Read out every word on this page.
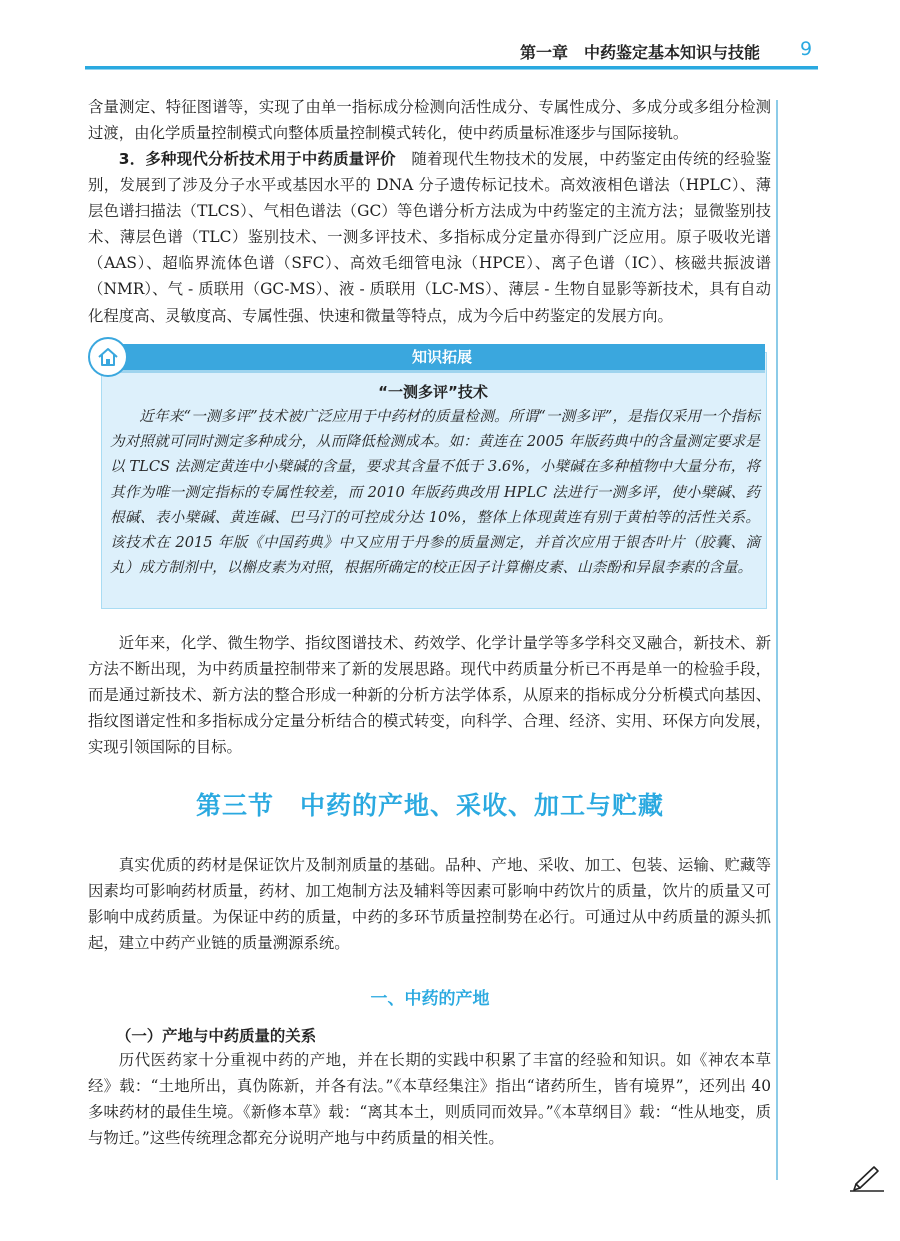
第一章　中药鉴定基本知识与技能	9

含量测定、特征图谱等，实现了由单一指标成分检测向活性成分、专属性成分、多成分或多组分检测过渡，由化学质量控制模式向整体质量控制模式转化，使中药质量标准逐步与国际接轨。

3．多种现代分析技术用于中药质量评价　随着现代生物技术的发展，中药鉴定由传统的经验鉴别，发展到了涉及分子水平或基因水平的 DNA 分子遗传标记技术。高效液相色谱法（HPLC）、薄层色谱扫描法（TLCS）、气相色谱法（GC）等色谱分析方法成为中药鉴定的主流方法；显微鉴别技术、薄层色谱（TLC）鉴别技术、一测多评技术、多指标成分定量亦得到广泛应用。原子吸收光谱（AAS）、超临界流体色谱（SFC）、高效毛细管电泳（HPCE）、离子色谱（IC）、核磁共振波谱（NMR）、气 - 质联用（GC-MS）、液 - 质联用（LC-MS）、薄层 - 生物自显影等新技术，具有自动化程度高、灵敏度高、专属性强、快速和微量等特点，成为今后中药鉴定的发展方向。

知识拓展
“一测多评”技术

近年来“一测多评”技术被广泛应用于中药材的质量检测。所谓“一测多评”，是指仅采用一个指标为对照就可同时测定多种成分，从而降低检测成本。如：黄连在 2005 年版药典中的含量测定要求是以 TLCS 法测定黄连中小檗碱的含量，要求其含量不低于 3.6%，小檗碱在多种植物中大量分布，将其作为唯一测定指标的专属性较差，而 2010 年版药典改用 HPLC 法进行一测多评，使小檗碱、药根碱、表小檗碱、黄连碱、巴马汀的可控成分达 10%，整体上体现黄连有别于黄柏等的活性关系。该技术在 2015 年版《中国药典》中又应用于丹参的质量测定，并首次应用于银杏叶片（胶囊、滴丸）成方制剂中，以槲皮素为对照，根据所确定的校正因子计算槲皮素、山柰酚和异鼠李素的含量。

近年来，化学、微生物学、指纹图谱技术、药效学、化学计量学等多学科交叉融合，新技术、新方法不断出现，为中药质量控制带来了新的发展思路。现代中药质量分析已不再是单一的检验手段，而是通过新技术、新方法的整合形成一种新的分析方法学体系，从原来的指标成分分析模式向基因、指纹图谱定性和多指标成分定量分析结合的模式转变，向科学、合理、经济、实用、环保方向发展，实现引领国际的目标。

第三节　中药的产地、采收、加工与贮藏

真实优质的药材是保证饮片及制剂质量的基础。品种、产地、采收、加工、包装、运输、贮藏等因素均可影响药材质量，药材、加工炮制方法及辅料等因素可影响中药饮片的质量，饮片的质量又可影响中成药质量。为保证中药的质量，中药的多环节质量控制势在必行。可通过从中药质量的源头抓起，建立中药产业链的质量溯源系统。

一、中药的产地
（一）产地与中药质量的关系

历代医药家十分重视中药的产地，并在长期的实践中积累了丰富的经验和知识。如《神农本草经》载：“土地所出，真伪陈新，并各有法。”《本草经集注》指出“诸药所生，皆有境界”，还列出 40 多味药材的最佳生境。《新修本草》载：“离其本土，则质同而效异。”《本草纲目》载：“性从地变，质与物迁。”这些传统理念都充分说明产地与中药质量的相关性。
